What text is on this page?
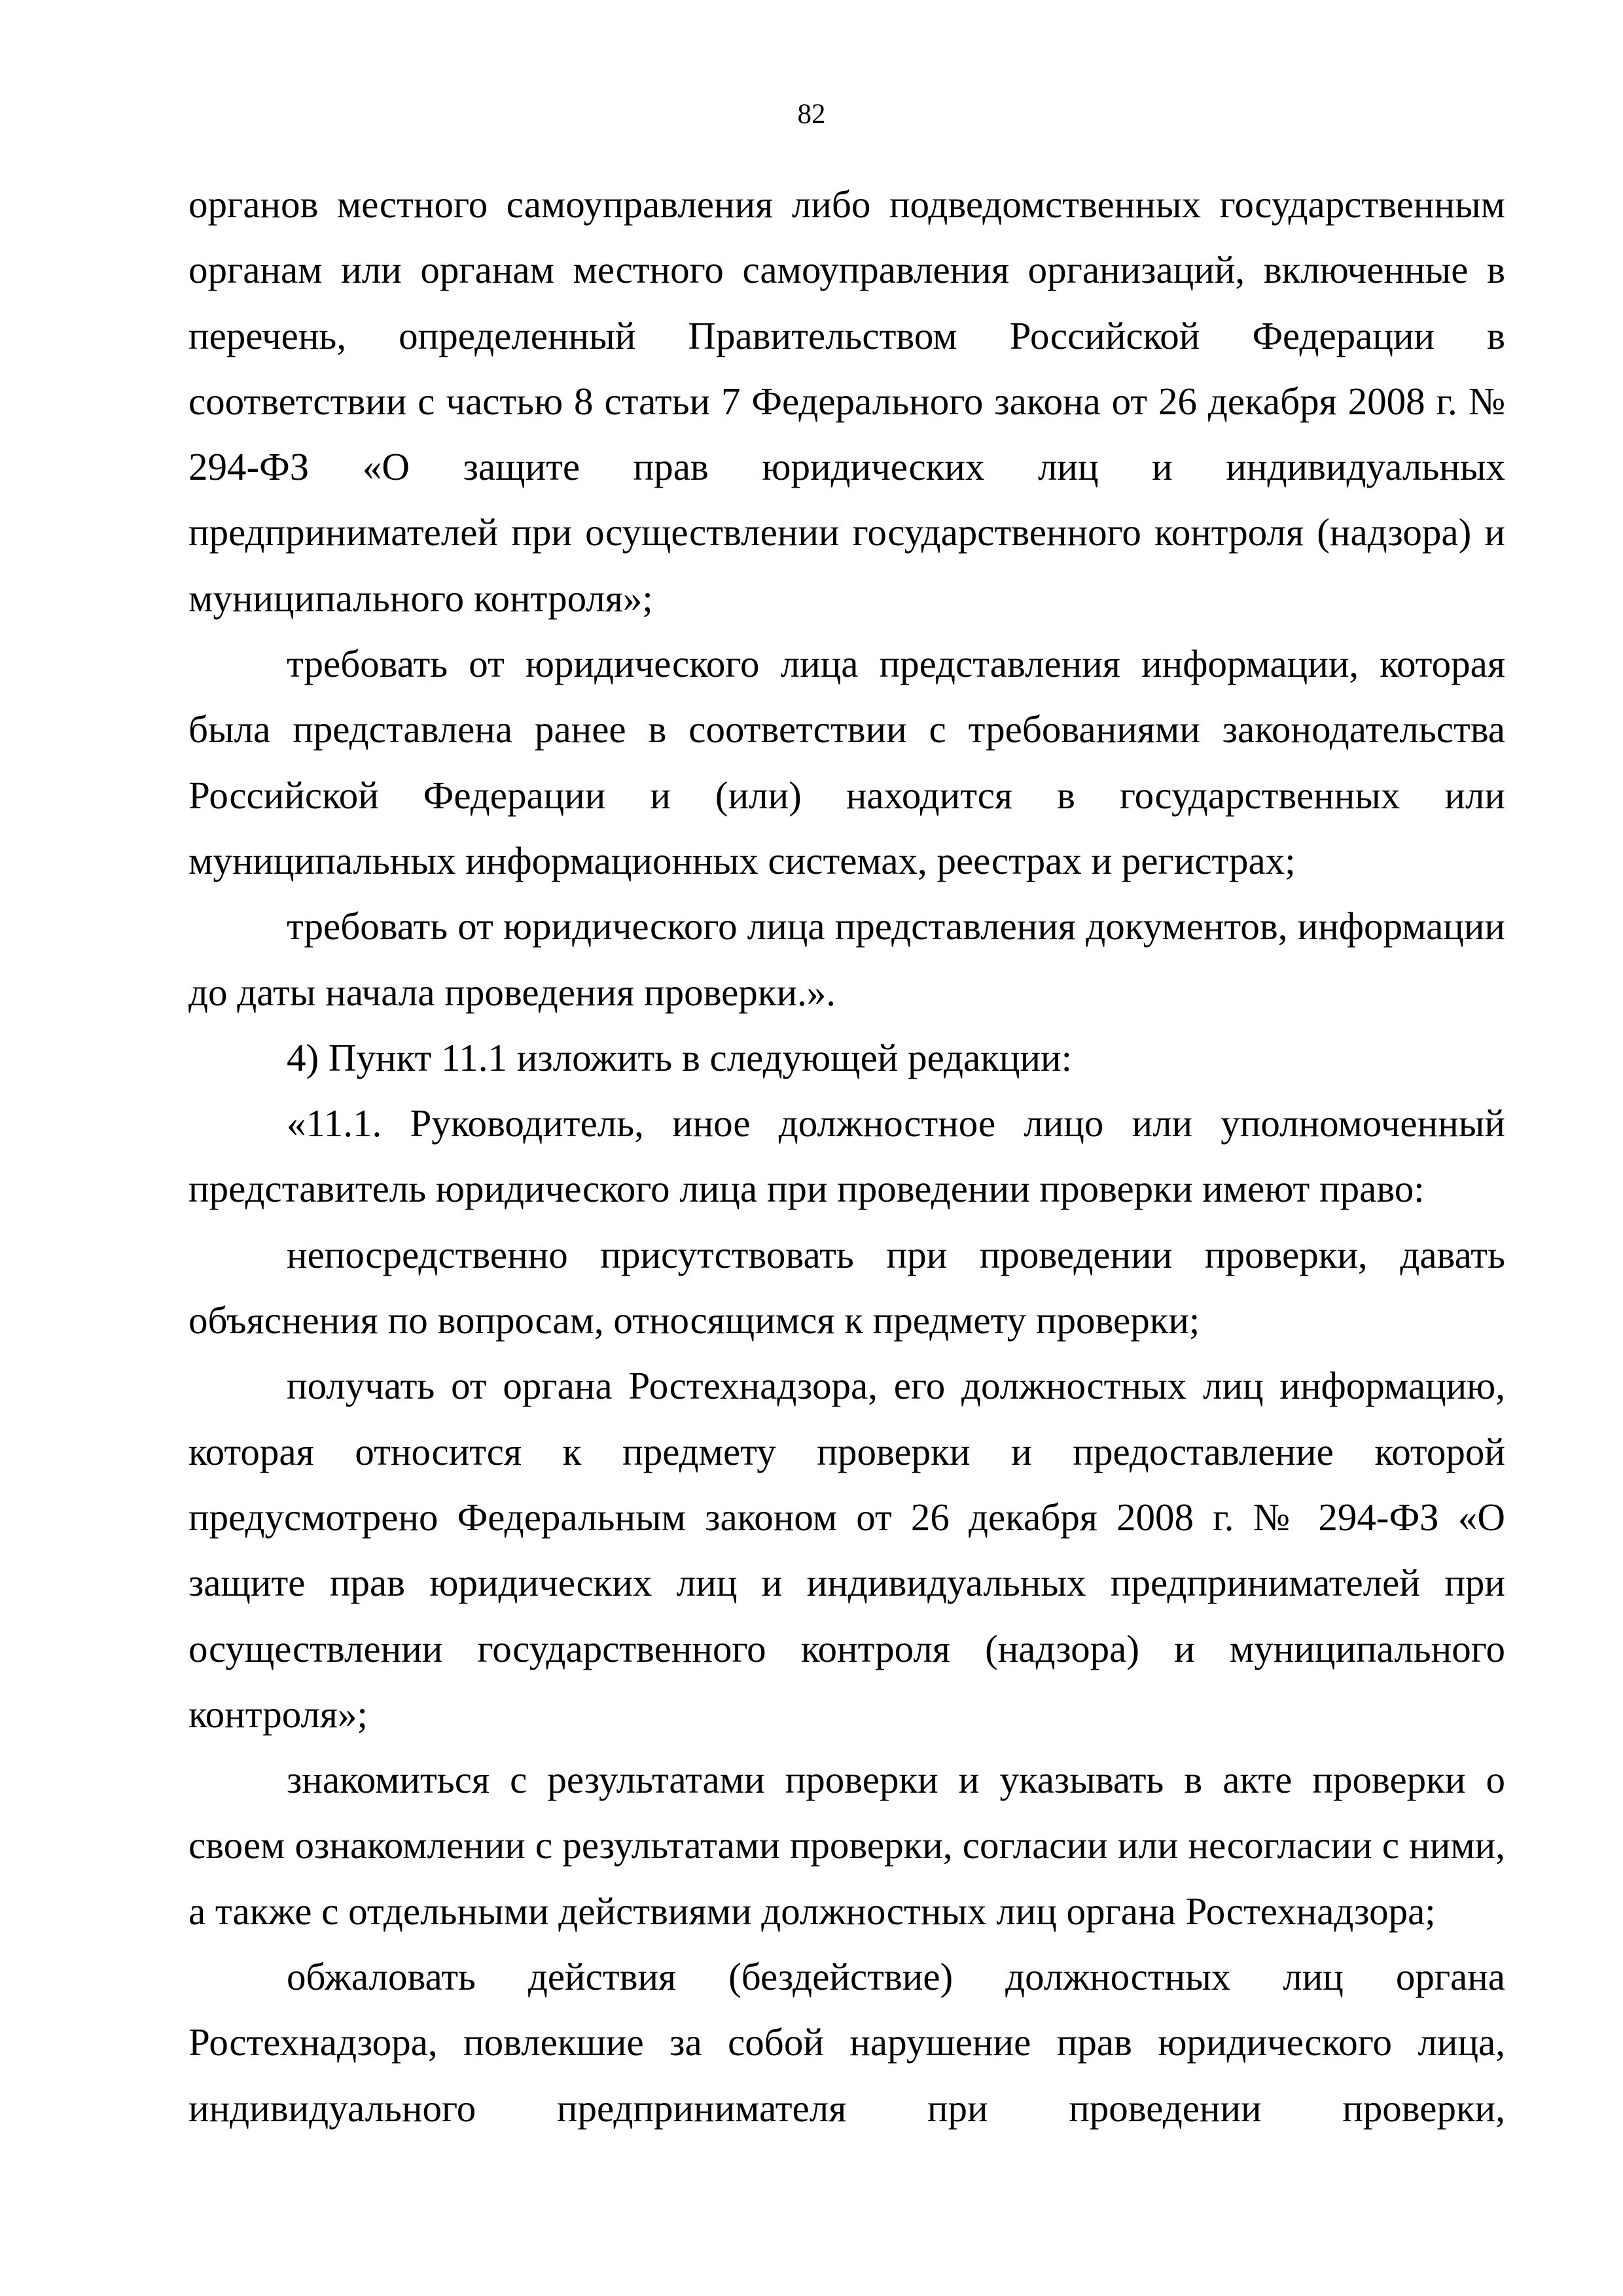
82

органов местного самоуправления либо подведомственных государственным органам или органам местного самоуправления организаций, включенные в перечень, определенный Правительством Российской Федерации в соответствии с частью 8 статьи 7 Федерального закона от 26 декабря 2008 г. № 294-ФЗ «О защите прав юридических лиц и индивидуальных предпринимателей при осуществлении государственного контроля (надзора) и муниципального контроля»;

требовать от юридического лица представления информации, которая была представлена ранее в соответствии с требованиями законодательства Российской Федерации и (или) находится в государственных или муниципальных информационных системах, реестрах и регистрах;

требовать от юридического лица представления документов, информации до даты начала проведения проверки.».

4) Пункт 11.1 изложить в следующей редакции:

«11.1. Руководитель, иное должностное лицо или уполномоченный представитель юридического лица при проведении проверки имеют право:

непосредственно присутствовать при проведении проверки, давать объяснения по вопросам, относящимся к предмету проверки;

получать от органа Ростехнадзора, его должностных лиц информацию, которая относится к предмету проверки и предоставление которой предусмотрено Федеральным законом от 26 декабря 2008 г. № 294-ФЗ «О защите прав юридических лиц и индивидуальных предпринимателей при осуществлении государственного контроля (надзора) и муниципального контроля»;

знакомиться с результатами проверки и указывать в акте проверки о своем ознакомлении с результатами проверки, согласии или несогласии с ними, а также с отдельными действиями должностных лиц органа Ростехнадзора;

обжаловать действия (бездействие) должностных лиц органа Ростехнадзора, повлекшие за собой нарушение прав юридического лица, индивидуального предпринимателя при проведении проверки,
